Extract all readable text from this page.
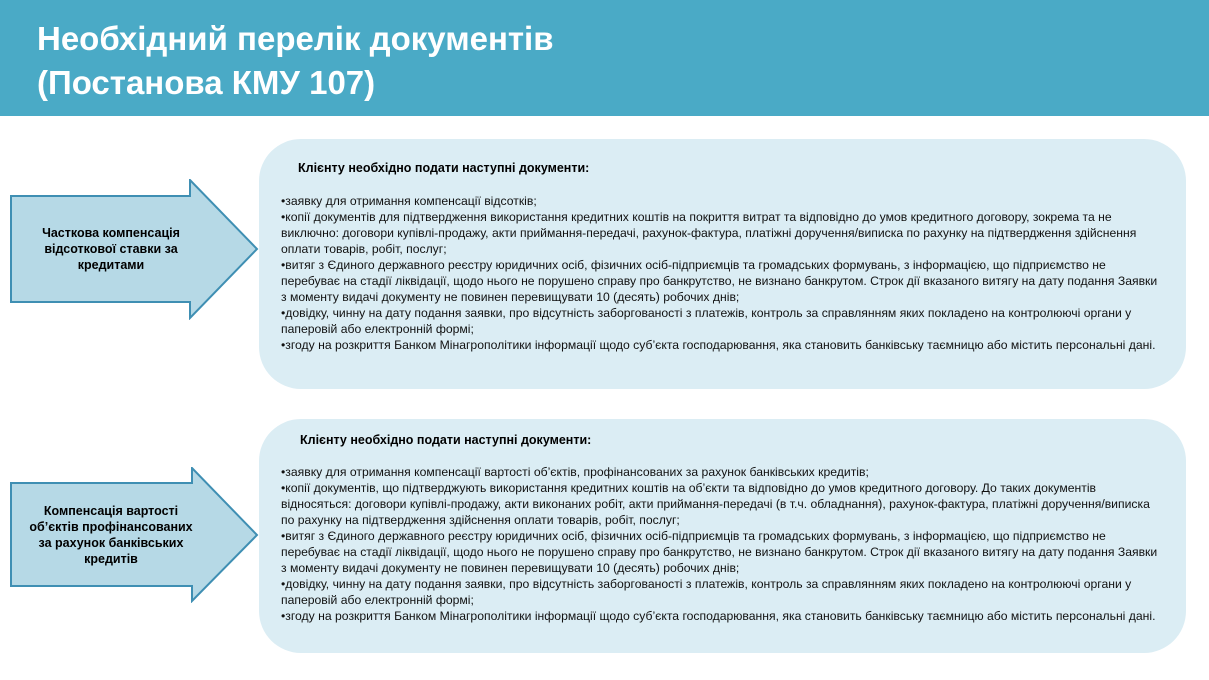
Необхідний перелік документів
(Постанова КМУ 107)
Часткова компенсація відсоткової ставки за кредитами
Клієнту необхідно подати наступні документи:
•заявку для отримання компенсації відсотків;
•копії документів для підтвердження використання кредитних коштів на покриття витрат та відповідно до умов кредитного договору, зокрема та не виключно: договори купівлі-продажу, акти приймання-передачі, рахунок-фактура, платіжні доручення/виписка по рахунку на підтвердження здійснення оплати товарів, робіт, послуг;
•витяг з Єдиного державного реєстру юридичних осіб, фізичних осіб-підприємців та громадських формувань, з інформацією, що підприємство не перебуває на стадії ліквідації, щодо нього не порушено справу про банкрутство, не визнано банкрутом. Строк дії вказаного витягу на дату подання Заявки з моменту видачі документу не повинен перевищувати 10 (десять) робочих днів;
•довідку, чинну на дату подання заявки, про відсутність заборгованості з платежів, контроль за справлянням яких покладено на контролюючі органи у паперовій або електронній формі;
•згоду на розкриття Банком Мінагрополітики інформації щодо суб’єкта господарювання, яка становить банківську таємницю або містить персональні дані.
Компенсація вартості об’єктів профінансованих за рахунок банківських кредитів
Клієнту необхідно подати наступні документи:
•заявку для отримання компенсації вартості об’єктів, профінансованих за рахунок банківських кредитів;
•копії документів, що підтверджують використання кредитних коштів на об’єкти та відповідно до умов кредитного договору. До таких документів відносяться: договори купівлі-продажу, акти виконаних робіт, акти приймання-передачі (в т.ч. обладнання), рахунок-фактура, платіжні доручення/виписка по рахунку на підтвердження здійснення оплати товарів, робіт, послуг;
•витяг з Єдиного державного реєстру юридичних осіб, фізичних осіб-підприємців та громадських формувань, з інформацією, що підприємство не перебуває на стадії ліквідації, щодо нього не порушено справу про банкрутство, не визнано банкрутом. Строк дії вказаного витягу на дату подання Заявки з моменту видачі документу не повинен перевищувати 10 (десять) робочих днів;
•довідку, чинну на дату подання заявки, про відсутність заборгованості з платежів, контроль за справлянням яких покладено на контролюючі органи у паперовій або електронній формі;
•згоду на розкриття Банком Мінагрополітики інформації щодо суб’єкта господарювання, яка становить банківську таємницю або містить персональні дані.
